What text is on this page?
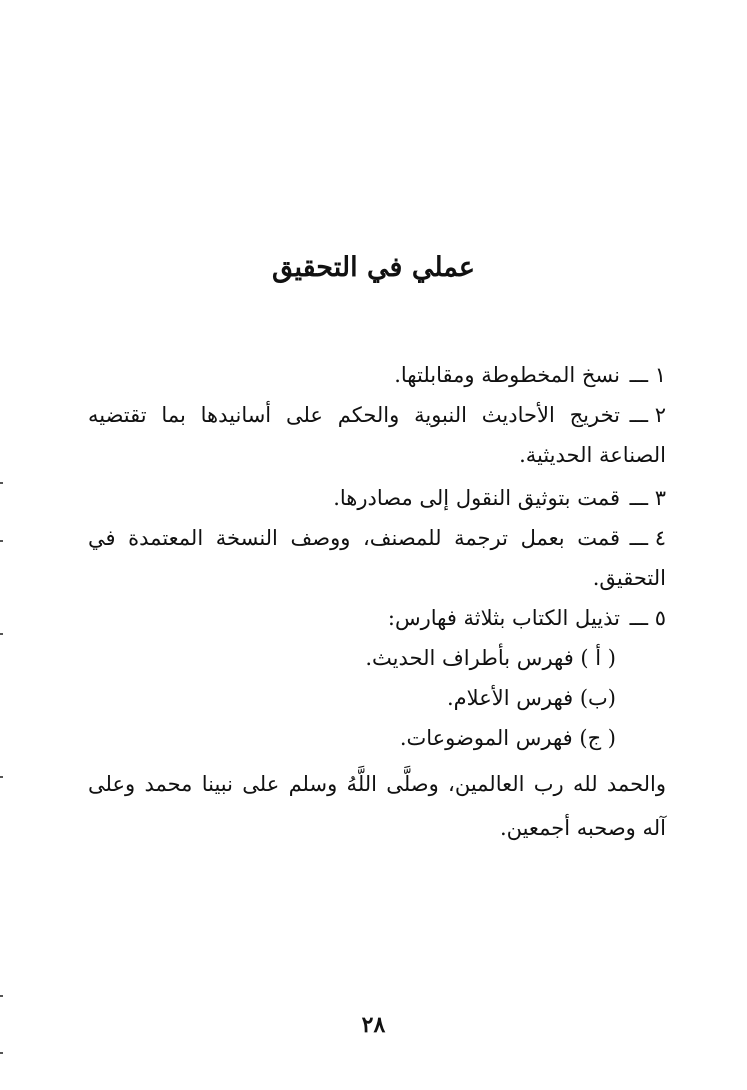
عملي في التحقيق
١ ـــنسخ المخطوطة ومقابلتها.
٢ ـــتخريج الأحاديث النبوية والحكم على أسانيدها بما تقتضيه الصناعة الحديثية.
٣ ـــقمت بتوثيق النقول إلى مصادرها.
٤ ـــقمت بعمل ترجمة للمصنف، ووصف النسخة المعتمدة في التحقيق.
٥ ـــتذييل الكتاب بثلاثة فهارس:
( أ ) فهرس بأطراف الحديث.
(ب) فهرس الأعلام.
( ج) فهرس الموضوعات.
والحمد لله رب العالمين، وصلَّى اللَّهُ وسلم على نبينا محمد وعلى آله وصحبه أجمعين.
٢٨
